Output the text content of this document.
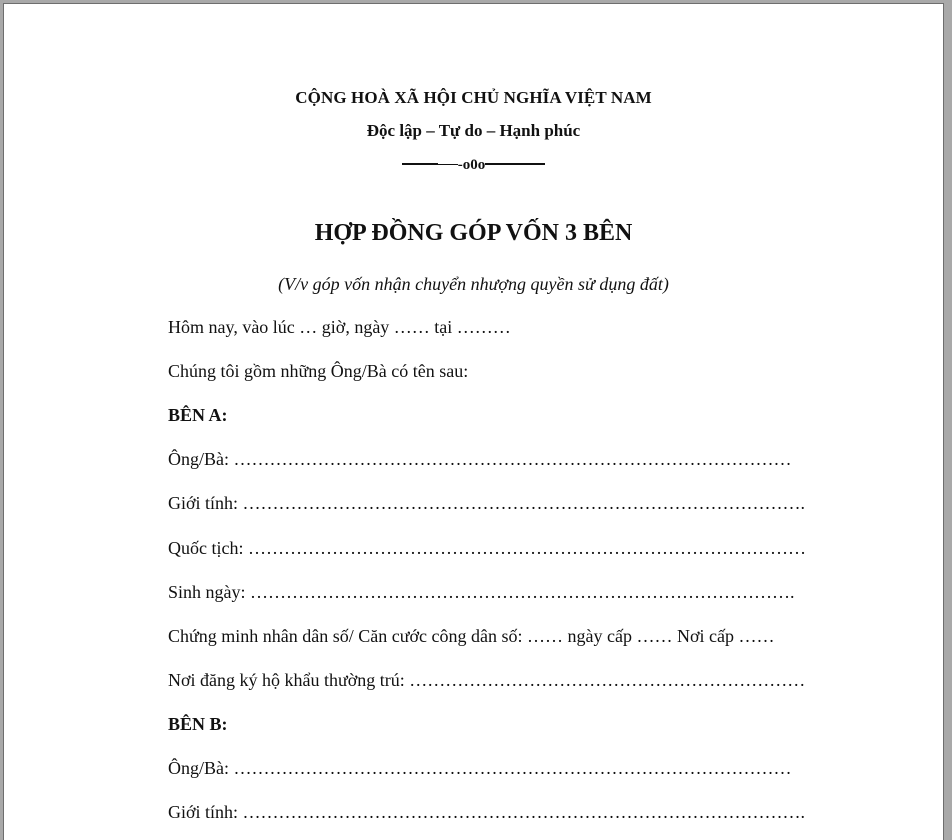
CỘNG HOÀ XÃ HỘI CHỦ NGHĨA VIỆT NAM
Độc lập – Tự do – Hạnh phúc
-o0o
HỢP ĐỒNG GÓP VỐN 3 BÊN
(V/v góp vốn nhận chuyển nhượng quyền sử dụng đất)
Hôm nay, vào lúc … giờ, ngày …… tại ………
Chúng tôi gồm những Ông/Bà có tên sau:
BÊN A:
Ông/Bà: …………………………………………………………………………………
Giới tính: ………………………………………………………………………………….
Quốc tịch: …………………………………………………………………………………
Sinh ngày: ……………………………………………………………………………….
Chứng minh nhân dân số/ Căn cước công dân số: …… ngày cấp …… Nơi cấp ……
Nơi đăng ký hộ khẩu thường trú: …………………………………………………………
BÊN B:
Ông/Bà: …………………………………………………………………………………
Giới tính: ………………………………………………………………………………….
